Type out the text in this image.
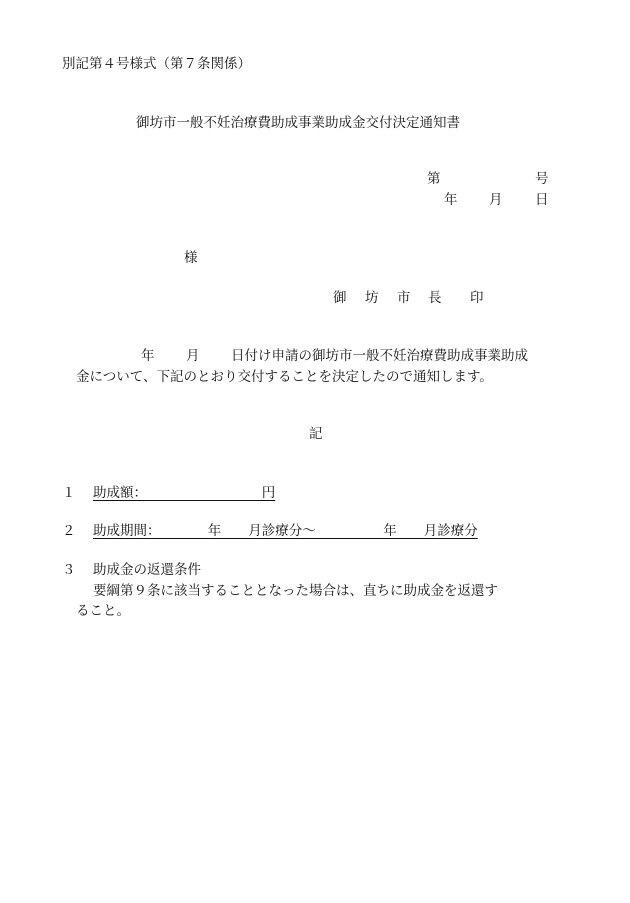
別記第４号様式（第７条関係）
御坊市一般不妊治療費助成事業助成金交付決定通知書
第	号
年 月 日
様
御 坊 市 長 印
年 月 日付け申請の御坊市一般不妊治療費助成事業助成
金について、下記のとおり交付することを決定したので通知します。
記
１ 助成額：　　　　　　　　　円
２ 助成期間：　　　　年　　月診療分～　　　　　年　　月診療分
３ 助成金の返還条件
要綱第９条に該当することとなった場合は、直ちに助成金を返還す
ること。
